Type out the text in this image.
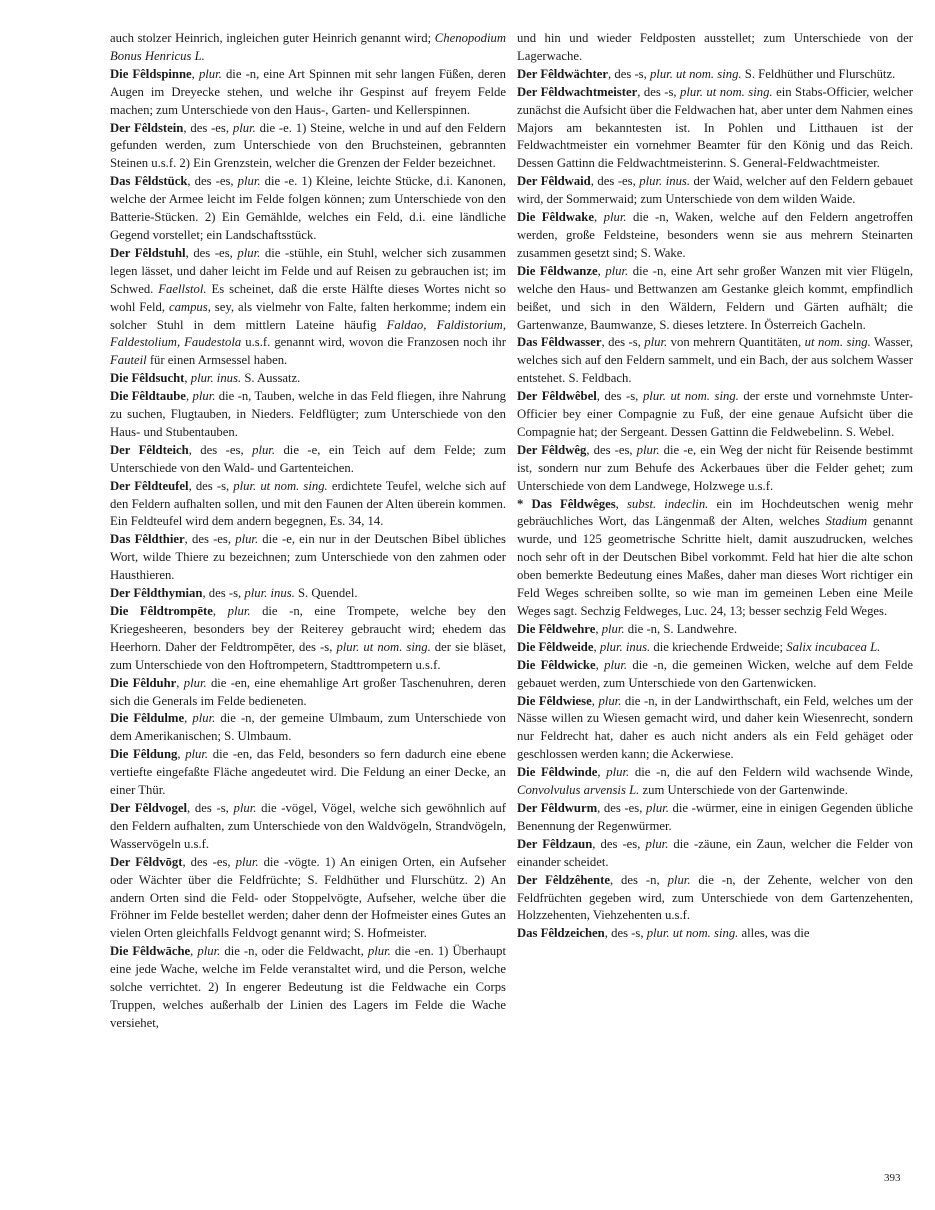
auch stolzer Heinrich, ingleichen guter Heinrich genannt wird; Chenopodium Bonus Henricus L.

Die Fêldspinne, plur. die -n, eine Art Spinnen mit sehr langen Füßen, deren Augen im Dreyecke stehen, und welche ihr Gespinst auf freyem Felde machen; zum Unterschiede von den Haus-, Garten- und Kellerspinnen.

Der Fêldstein, des -es, plur. die -e. 1) Steine, welche in und auf den Feldern gefunden werden, zum Unterschiede von den Bruchsteinen, gebrannten Steinen u.s.f. 2) Ein Grenzstein, welcher die Grenzen der Felder bezeichnet.

Das Fêldstück, des -es, plur. die -e. 1) Kleine, leichte Stücke, d.i. Kanonen, welche der Armee leicht im Felde folgen können; zum Unterschiede von den Batterie-Stücken. 2) Ein Gemählde, welches ein Feld, d.i. eine ländliche Gegend vorstellet; ein Landschaftsstück.

Der Fêldstuhl, des -es, plur. die -stühle, ein Stuhl, welcher sich zusammen legen lässet, und daher leicht im Felde und auf Reisen zu gebrauchen ist; im Schwed. Faellstol. Es scheinet, daß die erste Hälfte dieses Wortes nicht so wohl Feld, campus, sey, als vielmehr von Falte, falten herkomme; indem ein solcher Stuhl in dem mittlern Lateine häufig Faldao, Faldistorium, Faldestolium, Faudestola u.s.f. genannt wird, wovon die Franzosen noch ihr Fauteil für einen Armsessel haben.

Die Fêldsucht, plur. inus. S. Aussatz.

Die Fêldtaube, plur. die -n, Tauben, welche in das Feld fliegen, ihre Nahrung zu suchen, Flugtauben, in Nieders. Feldflügter; zum Unterschiede von den Haus- und Stubentauben.

Der Fêldteich, des -es, plur. die -e, ein Teich auf dem Felde; zum Unterschiede von den Wald- und Gartenteichen.

Der Fêldteufel, des -s, plur. ut nom. sing. erdichtete Teufel, welche sich auf den Feldern aufhalten sollen, und mit den Faunen der Alten überein kommen. Ein Feldteufel wird dem andern begegnen, Es. 34, 14.

Das Fêldthier, des -es, plur. die -e, ein nur in der Deutschen Bibel übliches Wort, wilde Thiere zu bezeichnen; zum Unterschiede von den zahmen oder Hausthieren.

Der Fêldthymian, des -s, plur. inus. S. Quendel.

Die Fêldtrompēte, plur. die -n, eine Trompete, welche bey den Kriegesheeren, besonders bey der Reiterey gebraucht wird; ehedem das Heerhorn. Daher der Feldtrompēter, des -s, plur. ut nom. sing. der sie bläset, zum Unterschiede von den Hoftrompetern, Stadttrompetern u.s.f.

Die Fêlduhr, plur. die -en, eine ehemahlige Art großer Taschenuhren, deren sich die Generals im Felde bedieneten.

Die Fêldulme, plur. die -n, der gemeine Ulmbaum, zum Unterschiede von dem Amerikanischen; S. Ulmbaum.

Die Fêldung, plur. die -en, das Feld, besonders so fern dadurch eine ebene vertiefte eingefaßte Fläche angedeutet wird. Die Feldung an einer Decke, an einer Thür.

Der Fêldvogel, des -s, plur. die -vögel, Vögel, welche sich gewöhnlich auf den Feldern aufhalten, zum Unterschiede von den Waldvögeln, Strandvögeln, Wasservögeln u.s.f.

Der Fêldvōgt, des -es, plur. die -vögte. 1) An einigen Orten, ein Aufseher oder Wächter über die Feldfrüchte; S. Feldhüther und Flurschütz. 2) An andern Orten sind die Feld- oder Stoppelvögte, Aufseher, welche über die Fröhner im Felde bestellet werden; daher denn der Hofmeister eines Gutes an vielen Orten gleichfalls Feldvogt genannt wird; S. Hofmeister.

Die Fêldwāche, plur. die -n, oder die Feldwacht, plur. die -en. 1) Überhaupt eine jede Wache, welche im Felde veranstaltet wird, und die Person, welche solche verrichtet. 2) In engerer Bedeutung ist die Feldwache ein Corps Truppen, welches außerhalb der Linien des Lagers im Felde die Wache versiehet,

und hin und wieder Feldposten ausstellet; zum Unterschiede von der Lagerwache.

Der Fêldwächter, des -s, plur. ut nom. sing. S. Feldhüther und Flurschütz.

Der Fêldwachtmeister, des -s, plur. ut nom. sing. ein Stabs-Officier, welcher zunächst die Aufsicht über die Feldwachen hat, aber unter dem Nahmen eines Majors am bekanntesten ist. In Pohlen und Litthauen ist der Feldwachtmeister ein vornehmer Beamter für den König und das Reich. Dessen Gattinn die Feldwachtmeisterinn. S. General-Feldwachtmeister.

Der Fêldwaid, des -es, plur. inus. der Waid, welcher auf den Feldern gebauet wird, der Sommerwaid; zum Unterschiede von dem wilden Waide.

Die Fêldwake, plur. die -n, Waken, welche auf den Feldern angetroffen werden, große Feldsteine, besonders wenn sie aus mehrern Steinarten zusammen gesetzt sind; S. Wake.

Die Fêldwanze, plur. die -n, eine Art sehr großer Wanzen mit vier Flügeln, welche den Haus- und Bettwanzen am Gestanke gleich kommt, empfindlich beißet, und sich in den Wäldern, Feldern und Gärten aufhält; die Gartenwanze, Baumwanze, S. dieses letztere. In Österreich Gacheln.

Das Fêldwasser, des -s, plur. von mehrern Quantitäten, ut nom. sing. Wasser, welches sich auf den Feldern sammelt, und ein Bach, der aus solchem Wasser entstehet. S. Feldbach.

Der Fêldwêbel, des -s, plur. ut nom. sing. der erste und vornehmste Unter-Officier bey einer Compagnie zu Fuß, der eine genaue Aufsicht über die Compagnie hat; der Sergeant. Dessen Gattinn die Feldwebelinn. S. Webel.

Der Fêldwêg, des -es, plur. die -e, ein Weg der nicht für Reisende bestimmt ist, sondern nur zum Behufe des Ackerbaues über die Felder gehet; zum Unterschiede von dem Landwege, Holzwege u.s.f.

* Das Fêldwêges, subst. indeclin. ein im Hochdeutschen wenig mehr gebräuchliches Wort, das Längenmaß der Alten, welches Stadium genannt wurde, und 125 geometrische Schritte hielt, damit auszudrucken, welches noch sehr oft in der Deutschen Bibel vorkommt. Feld hat hier die alte schon oben bemerkte Bedeutung eines Maßes, daher man dieses Wort richtiger ein Feld Weges schreiben sollte, so wie man im gemeinen Leben eine Meile Weges sagt. Sechzig Feldweges, Luc. 24, 13; besser sechzig Feld Weges.

Die Fêldwehre, plur. die -n, S. Landwehre.

Die Fêldweide, plur. inus. die kriechende Erdweide; Salix incubacea L.

Die Fêldwicke, plur. die -n, die gemeinen Wicken, welche auf dem Felde gebauet werden, zum Unterschiede von den Gartenwicken.

Die Fêldwiese, plur. die -n, in der Landwirthschaft, ein Feld, welches um der Nässe willen zu Wiesen gemacht wird, und daher kein Wiesenrecht, sondern nur Feldrecht hat, daher es auch nicht anders als ein Feld gehäget oder geschlossen werden kann; die Ackerwiese.

Die Fêldwinde, plur. die -n, die auf den Feldern wild wachsende Winde, Convolvulus arvensis L. zum Unterschiede von der Gartenwinde.

Der Fêldwurm, des -es, plur. die -würmer, eine in einigen Gegenden übliche Benennung der Regenwürmer.

Der Fêldzaun, des -es, plur. die -zäune, ein Zaun, welcher die Felder von einander scheidet.

Der Fêldzêhente, des -n, plur. die -n, der Zehente, welcher von den Feldfrüchten gegeben wird, zum Unterschiede von dem Gartenzehenten, Holzzehenten, Viehzehenten u.s.f.

Das Fêldzeichen, des -s, plur. ut nom. sing. alles, was die

393
